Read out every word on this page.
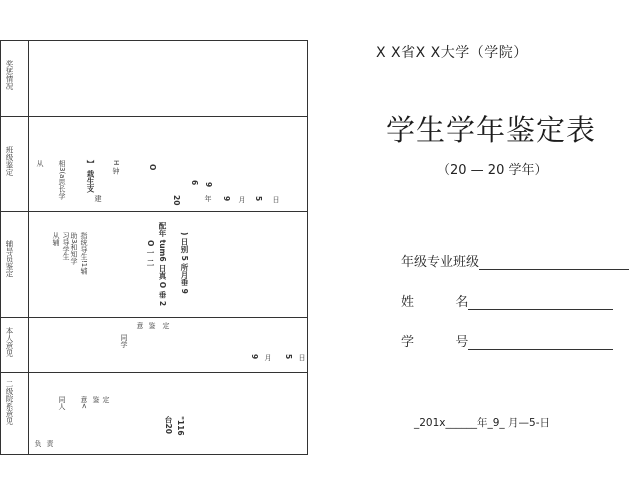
奖惩情况
班级鉴定
辅导员鉴定
本人意见
二级院系意见
H 钟
】 栽生支
相3(a思长学
从
建
O
20
6
年
9
9 月 5 日
指统导生!1辅
助3和知学
习导学生
从辅	配年 tum6 日真 O 垂 2
O 一 二	) 日别 5 所月垂 9
定
鉴
意
同学
9 月 5 日
定
鉴
意<
同人
"116
台20
责
负
X X省X X大学（学院）
学生学年鉴定表
（20 — 20 学年）
年级专业班级
姓          名
学          号
_201x______年_9_ 月—5-日
